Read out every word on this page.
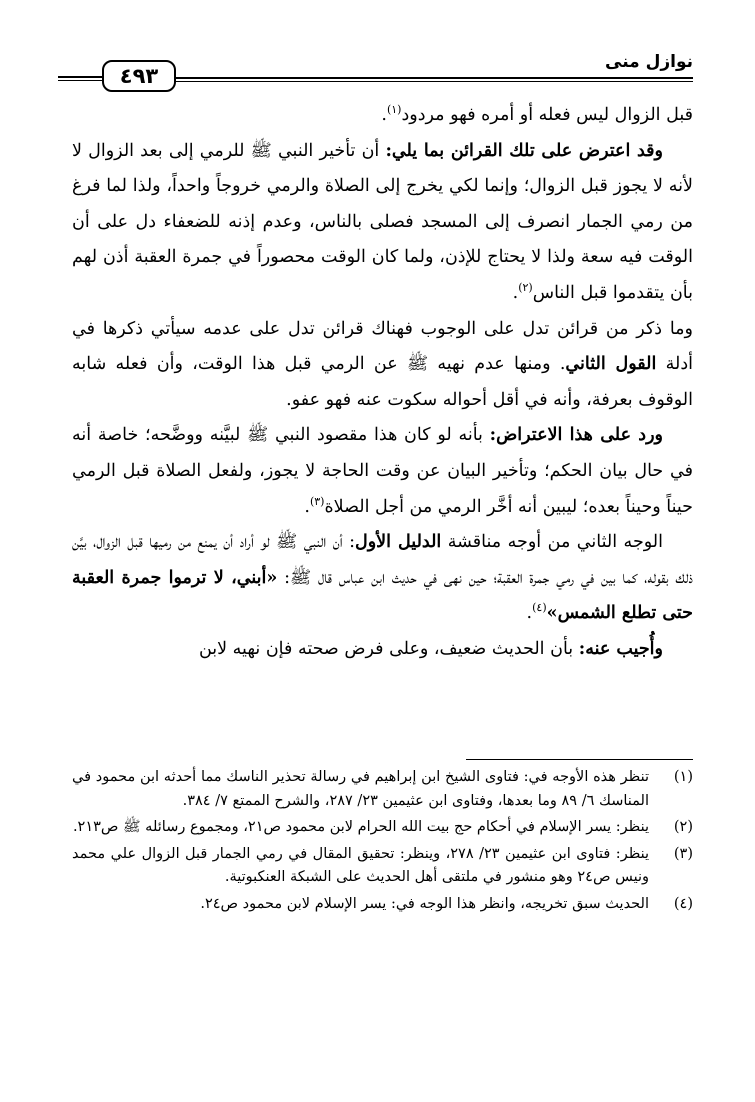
نوازل منى
٤٩٣

قبل الزوال ليس فعله أو أمره فهو مردود$^{(١)}$.

وقد اعترض على تلك القرائن بما يلي: أن تأخير النبي ﷺ للرمي إلى بعد الزوال لا لأنه لا يجوز قبل الزوال؛ وإنما لكي يخرج إلى الصلاة والرمي خروجاً واحداً، ولذا لما فرغ من رمي الجمار انصرف إلى المسجد فصلى بالناس، وعدم إذنه للضعفاء دل على أن الوقت فيه سعة ولذا لا يحتاج للإذن، ولما كان الوقت محصوراً في جمرة العقبة أذن لهم بأن يتقدموا قبل الناس$^{(٢)}$.

وما ذكر من قرائن تدل على الوجوب فهناك قرائن تدل على عدمه سيأتي ذكرها في أدلة القول الثاني. ومنها عدم نهيه ﷺ عن الرمي قبل هذا الوقت، وأن فعله شابه الوقوف بعرفة، وأنه في أقل أحواله سكوت عنه فهو عفو.

ورد على هذا الاعتراض: بأنه لو كان هذا مقصود النبي ﷺ لبيَّنه ووضَّحه؛ خاصة أنه في حال بيان الحكم؛ وتأخير البيان عن وقت الحاجة لا يجوز، ولفعل الصلاة قبل الرمي حيناً وحيناً بعده؛ ليبين أنه أخَّر الرمي من أجل الصلاة$^{(٣)}$.

الوجه الثاني من أوجه مناقشة الدليل الأول: أن النبي ﷺ لو أراد أن يمنع من رميها قبل الزوال، بيَّن ذلك بقوله، كما بين في رمي جمرة العقبة؛ حين نهى في حديث ابن عباس قال ﷺ: «أبني، لا ترموا جمرة العقبة حتى تطلع الشمس»$^{(٤)}$.

وأُجيب عنه: بأن الحديث ضعيف، وعلى فرض صحته فإن نهيه لابن

(١)
تنظر هذه الأوجه في: فتاوى الشيخ ابن إبراهيم في رسالة تحذير الناسك مما أحدثه ابن محمود في المناسك ٦/ ٨٩ وما بعدها، وفتاوى ابن عثيمين ٢٣/ ٢٨٧، والشرح الممتع ٧/ ٣٨٤.
(٢)
ينظر: يسر الإسلام في أحكام حج بيت الله الحرام لابن محمود ص٢١، ومجموع رسائله ﷺ ص٢١٣.
(٣)
ينظر: فتاوى ابن عثيمين ٢٣/ ٢٧٨، وينظر: تحقيق المقال في رمي الجمار قبل الزوال علي محمد ونيس ص٢٤ وهو منشور في ملتقى أهل الحديث على الشبكة العنكبوتية.
(٤)
الحديث سبق تخريجه، وانظر هذا الوجه في: يسر الإسلام لابن محمود ص٢٤.
